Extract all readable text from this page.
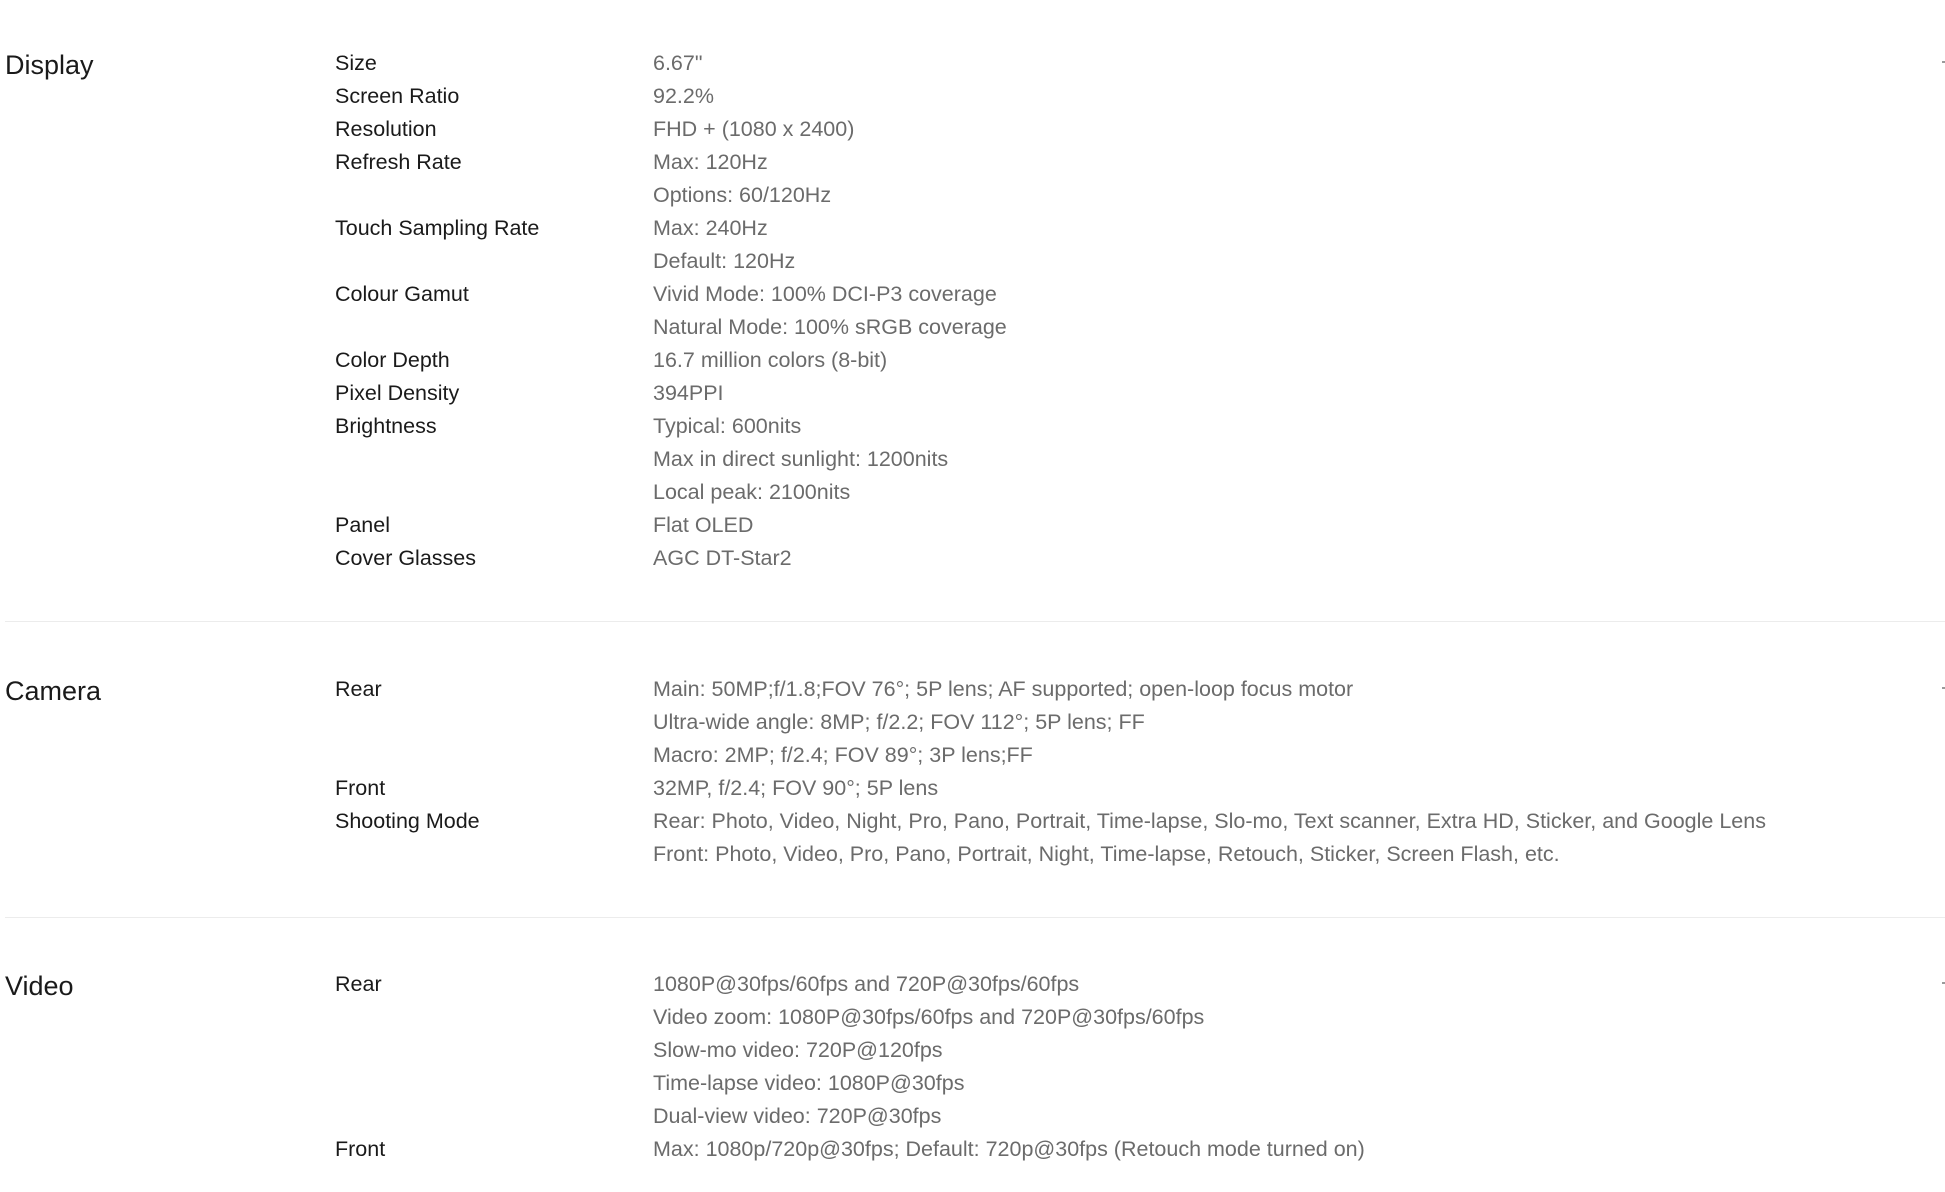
Display	Size	6.67"
Screen Ratio	92.2%
Resolution	FHD + (1080 x 2400)
Refresh Rate	Max: 120Hz
Options: 60/120Hz
Touch Sampling Rate	Max: 240Hz
Default: 120Hz
Colour Gamut	Vivid Mode: 100% DCI-P3 coverage
Natural Mode: 100% sRGB coverage
Color Depth	16.7 million colors (8-bit)
Pixel Density	394PPI
Brightness	Typical: 600nits
Max in direct sunlight: 1200nits
Local peak: 2100nits
Panel	Flat OLED
Cover Glasses	AGC DT-Star2
Camera	Rear	Main: 50MP;f/1.8;FOV 76°; 5P lens; AF supported; open-loop focus motor
Ultra-wide angle: 8MP; f/2.2; FOV 112°; 5P lens; FF
Macro: 2MP; f/2.4; FOV 89°; 3P lens;FF
Front	32MP, f/2.4; FOV 90°; 5P lens
Shooting Mode	Rear: Photo, Video, Night, Pro, Pano, Portrait, Time-lapse, Slo-mo, Text scanner, Extra HD, Sticker, and Google Lens
Front: Photo, Video, Pro, Pano, Portrait, Night, Time-lapse, Retouch, Sticker, Screen Flash, etc.
Video	Rear	1080P@30fps/60fps and 720P@30fps/60fps
Video zoom: 1080P@30fps/60fps and 720P@30fps/60fps
Slow-mo video: 720P@120fps
Time-lapse video: 1080P@30fps
Dual-view video: 720P@30fps
Front	Max: 1080p/720p@30fps; Default: 720p@30fps (Retouch mode turned on)
